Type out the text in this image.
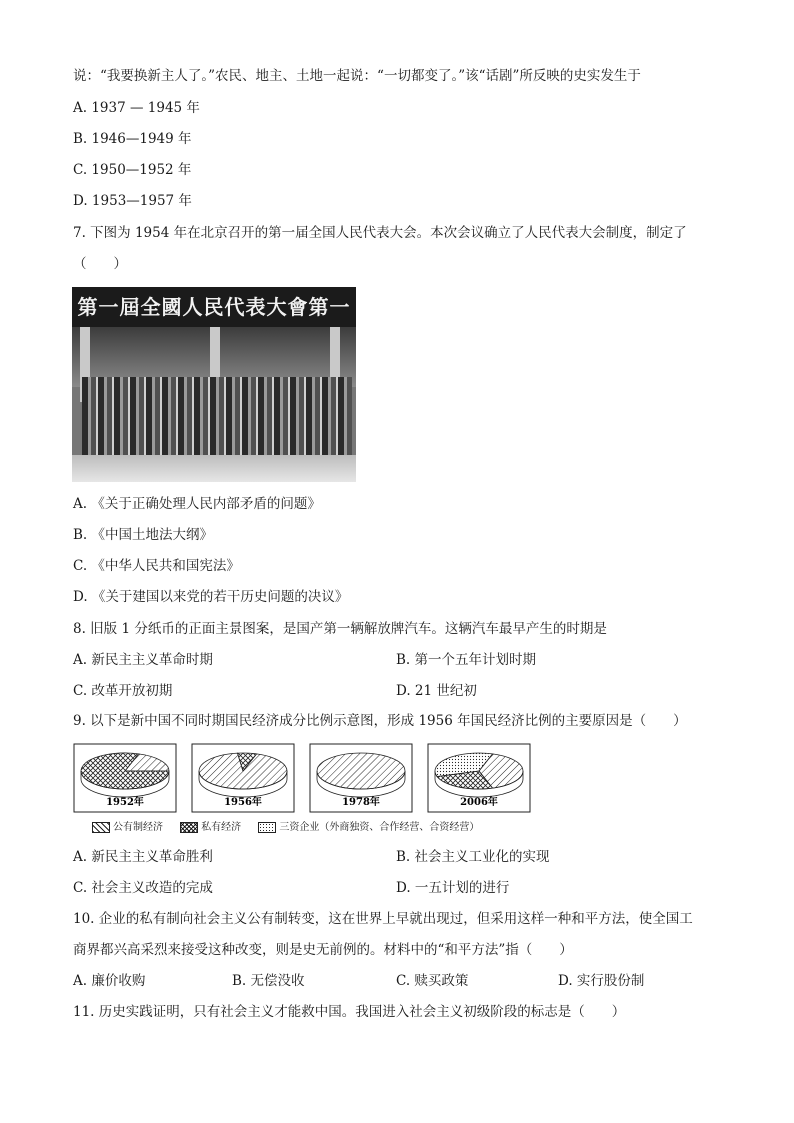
说：“我要换新主人了。”农民、地主、土地一起说：“一切都变了。”该“话剧”所反映的史实发生于
A. 1937 — 1945 年
B. 1946—1949 年
C. 1950—1952 年
D. 1953—1957 年
7. 下图为 1954 年在北京召开的第一届全国人民代表大会。本次会议确立了人民代表大会制度，制定了
（　　）
第一屆全國人民代表大會第一
A. 《关于正确处理人民内部矛盾的问题》
B. 《中国土地法大纲》
C. 《中华人民共和国宪法》
D. 《关于建国以来党的若干历史问题的决议》
8. 旧版 1 分纸币的正面主景图案，是国产第一辆解放牌汽车。这辆汽车最早产生的时期是
A. 新民主主义革命时期	B. 第一个五年计划时期
C. 改革开放初期	D. 21 世纪初
9. 以下是新中国不同时期国民经济成分比例示意图，形成 1956 年国民经济比例的主要原因是（　　）
1952年	1956年	1978年	2006年
公有制经济	私有经济	三资企业（外商独资、合作经营、合资经营）
A. 新民主主义革命胜利	B. 社会主义工业化的实现
C. 社会主义改造的完成	D. 一五计划的进行
10. 企业的私有制向社会主义公有制转变，这在世界上早就出现过，但采用这样一种和平方法，使全国工
商界都兴高采烈来接受这种改变，则是史无前例的。材料中的“和平方法”指（　　）
A. 廉价收购	B. 无偿没收	C. 赎买政策	D. 实行股份制
11. 历史实践证明，只有社会主义才能救中国。我国进入社会主义初级阶段的标志是（　　）
